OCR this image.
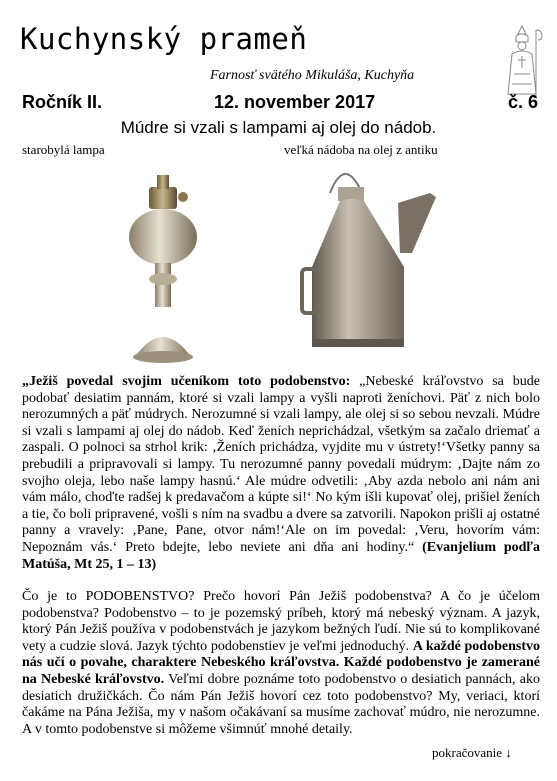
Kuchynský prameň
Farnosť svätého Mikuláša, Kuchyňa
Ročník II.	12. november 2017	č. 6
Múdre si vzali s lampami aj olej do nádob.
starobylá lampa	veľká nádoba na olej z antiku

„Ježiš povedal svojim učeníkom toto podobenstvo: „Nebeské kráľovstvo sa bude podobať desiatim pannám, ktoré si vzali lampy a vyšli naproti ženíchovi. Päť z nich bolo nerozumných a päť múdrych. Nerozumné si vzali lampy, ale olej si so sebou nevzali. Múdre si vzali s lampami aj olej do nádob. Keď ženích neprichádzal, všetkým sa začalo driemať a zaspali. O polnoci sa strhol krik: ‚Ženích prichádza, vyjdite mu v ústrety!‘Všetky panny sa prebudili a pripravovali si lampy. Tu nerozumné panny povedali múdrym: ‚Dajte nám zo svojho oleja, lebo naše lampy hasnú.‘ Ale múdre odvetili: ‚Aby azda nebolo ani nám ani vám málo, choďte radšej k predavačom a kúpte si!‘ No kým išli kupovať olej, prišiel ženích a tie, čo boli pripravené, vošli s ním na svadbu a dvere sa zatvorili. Napokon prišli aj ostatné panny a vravely: ‚Pane, Pane, otvor nám!‘Ale on im povedal: ‚Veru, hovorím vám: Nepoznám vás.‘ Preto bdejte, lebo neviete ani dňa ani hodiny.“ (Evanjelium podľa Matúša, Mt 25, 1 – 13)

Čo je to PODOBENSTVO? Prečo hovorí Pán Ježiš podobenstva? A čo je účelom podobenstva? Podobenstvo – to je pozemský príbeh, ktorý má nebeský význam. A jazyk, ktorý Pán Ježiš používa v podobenstvách je jazykom bežných ľudí. Nie sú to komplikované vety a cudzie slová. Jazyk týchto podobenstiev je veľmi jednoduchý. A každé podobenstvo nás učí o povahe, charaktere Nebeského kráľovstva. Každé podobenstvo je zamerané na Nebeské kráľovstvo. Veľmi dobre poznáme toto podobenstvo o desiatich pannách, ako desiatich družičkách. Čo nám Pán Ježiš hovorí cez toto podobenstvo? My, veriaci, ktorí čakáme na Pána Ježiša, my v našom očakávaní sa musíme zachovať múdro, nie nerozumne. A v tomto podobenstve si môžeme všimnúť mnohé detaily.

pokračovanie ↓
